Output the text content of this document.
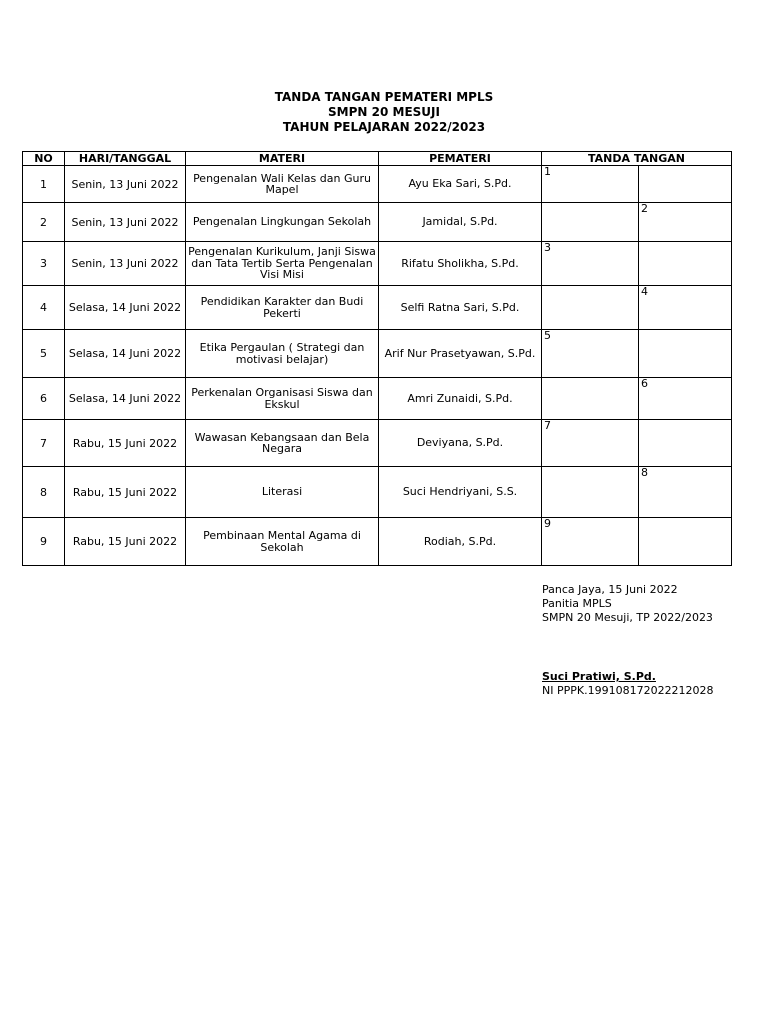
TANDA TANGAN PEMATERI MPLS
SMPN 20 MESUJI
TAHUN PELAJARAN 2022/2023
NO	HARI/TANGGAL	MATERI	PEMATERI	TANDA TANGAN	
1	Senin, 13 Juni 2022	Pengenalan Wali Kelas dan Guru Mapel	Ayu Eka Sari, S.Pd.	1	
2	Senin, 13 Juni 2022	Pengenalan Lingkungan Sekolah	Jamidal, S.Pd.		2
3	Senin, 13 Juni 2022	Pengenalan Kurikulum, Janji Siswa dan Tata Tertib Serta Pengenalan Visi Misi	Rifatu Sholikha, S.Pd.	3	
4	Selasa, 14 Juni 2022	Pendidikan Karakter dan Budi Pekerti	Selfi Ratna Sari, S.Pd.		4
5	Selasa, 14 Juni 2022	Etika Pergaulan ( Strategi dan motivasi belajar)	Arif Nur Prasetyawan, S.Pd.	5	
6	Selasa, 14 Juni 2022	Perkenalan Organisasi Siswa dan Ekskul	Amri Zunaidi, S.Pd.		6
7	Rabu, 15 Juni 2022	Wawasan Kebangsaan dan Bela Negara	Deviyana, S.Pd.	7	
8	Rabu, 15 Juni 2022	Literasi	Suci Hendriyani, S.S.		8
9	Rabu, 15 Juni 2022	Pembinaan Mental Agama di Sekolah	Rodiah, S.Pd.	9	
Panca Jaya, 15 Juni 2022
Panitia MPLS
SMPN 20 Mesuji, TP 2022/2023
Suci Pratiwi, S.Pd.
NI PPPK.199108172022212028
